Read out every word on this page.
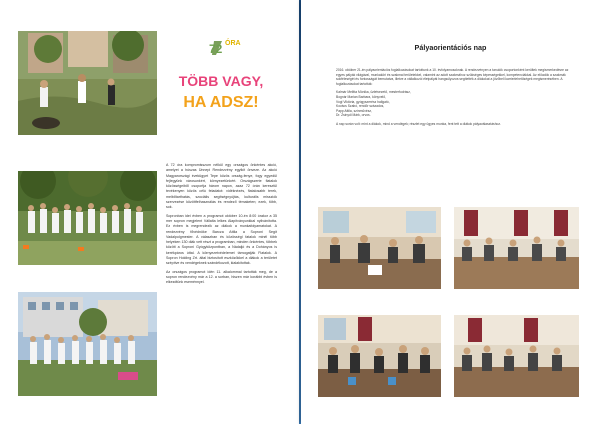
72 ÓRA
TÖBB VAGY,
HA ADSZ!

A 72 óra kompromisszum nélkül egy országos önkéntes akció, amelyet a húszas Ünnepi Rendezvény egyikít önveze. Az akció Magyarországi évekügyet Tepe közös ország-fenye, fogy egyedül fejlegyünk városunkért, környezetünkért. Országszerte fiatalok közösségeiből csoportja három napon, azaz 72 órán keresztül tevékenyen közös célú feladatot: vidéknézés, fiatalosabb terek, melbőtarthatás, szociális segítségnyújtás, kulturális missziók szervezése közöttfelhasználás és rendező témaketen; ezek, több, sok.

Sopronban idei évben a programot október 10-én 8:00 órakor a 35 mer sopron megjelent Vállalta lelkes Alapítványunkkal nyilvánította. Ez évben is megrendezik az diákok a munkafolyamatokat. A rendezvény fővédnöke Barcza Attila a Soproni Segít Vadalpolgmester. A válaszban és közösségi fatalok minél több helyeken 130 diák vett részt a programban, minden önkéntes, többek között a Soproni Gyógyközpontban, a Nádaljó és a Dohányos is kerékpáros úttal. A környezetvédelemet támogatják Fiatalok. A Sopron Holding Zrt. által biztosított eszközökkel a diákok a területet szépítve és vendégeknek szándékozott, kialakítottak.

Az országos programot idén 11. alkalommal tartották meg, de a sopron rendezvény már a 12. a sorban, hiszen már korábbi évben is elkezdtünk eseménnyel.

Pályaorientációs nap

2016. október 21-én pályaorientációs foglalkozásokat tartottunk a 10. évfolyamosoknak. A rendezvényen a tanulók csoportonként kerültek megismerkedésre az egyes pályák világával, munkaköri és szakmai területekkel, valamint az adott szakmához szükséges képességekkel, kompetenciákkal. Az előadók a szakmák sokféleségét és fontosságát bemutatva, illetve a vállalkozói életpályát hangsúlyozva segítették a diákokat a jövőbeli karrierlehetőségek megismerésében. A foglalkozásokat tartották:

Kalmár Melitta Mónika, üzletvezető, mesterfodrász,
Bognár Marian Barbara, könyvelő,
Vogl Viktória, gyógyszerész hallgató,
Kovács Szabó, rendőr százados,
Papp Attila, színművész,
Dr. Zsinydi Márk, orvos.

A nap során volt: mint a diákok, mind a vendégek; részlet egy ügyes munka, fent tett a diákok pályaválasztáshoz.
